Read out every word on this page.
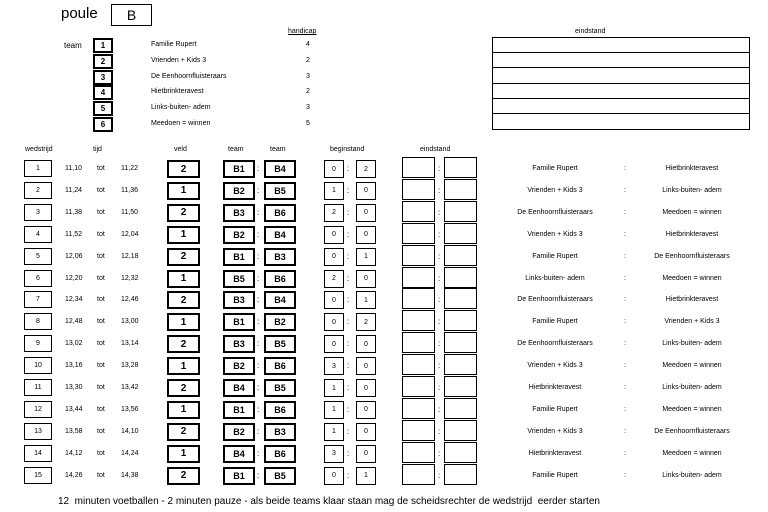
poule	B
team
handicap	eindstand
1	Familie Rupert	4
2	Vrienden + Kids 3	2
3	De Eenhoornfluisteraars	3
4	Hietbrinkteravest	2
5	Links-buiten- adem	3
6	Meedoen = winnen	5
wedstrijd	tijd	veld	team	team	beginstand	eindstand
1	11,10 tot 11,22	2	B1	:	B4	0	:	2	:	Familie Rupert	:	Hietbrinkteravest
2	11,24 tot 11,36	1	B2	:	B5	1	:	0	:	Vrienden + Kids 3	:	Links-buiten- adem
3	11,38 tot 11,50	2	B3	:	B6	2	:	0	:	De Eenhoornfluisteraars	:	Meedoen = winnen
4	11,52 tot 12,04	1	B2	:	B4	0	:	0	:	Vrienden + Kids 3	:	Hietbrinkteravest
5	12,06 tot 12,18	2	B1	:	B3	0	:	1	:	Familie Rupert	:	De Eenhoornfluisteraars
6	12,20 tot 12,32	1	B5	:	B6	2	:	0	:	Links-buiten- adem	:	Meedoen = winnen
7	12,34 tot 12,46	2	B3	:	B4	0	:	1	:	De Eenhoornfluisteraars	:	Hietbrinkteravest
8	12,48 tot 13,00	1	B1	:	B2	0	:	2	:	Familie Rupert	:	Vrienden + Kids 3
9	13,02 tot 13,14	2	B3	:	B5	0	:	0	:	De Eenhoornfluisteraars	:	Links-buiten- adem
10	13,16 tot 13,28	1	B2	:	B6	3	:	0	:	Vrienden + Kids 3	:	Meedoen = winnen
11	13,30 tot 13,42	2	B4	:	B5	1	:	0	:	Hietbrinkteravest	:	Links-buiten- adem
12	13,44 tot 13,56	1	B1	:	B6	1	:	0	:	Familie Rupert	:	Meedoen = winnen
13	13,58 tot 14,10	2	B2	:	B3	1	:	0	:	Vrienden + Kids 3	:	De Eenhoornfluisteraars
14	14,12 tot 14,24	1	B4	:	B6	3	:	0	:	Hietbrinkteravest	:	Meedoen = winnen
15	14,26 tot 14,38	2	B1	:	B5	0	:	1	:	Familie Rupert	:	Links-buiten- adem
12  minuten voetballen - 2 minuten pauze - als beide teams klaar staan mag de scheidsrechter de wedstrijd  eerder starten
